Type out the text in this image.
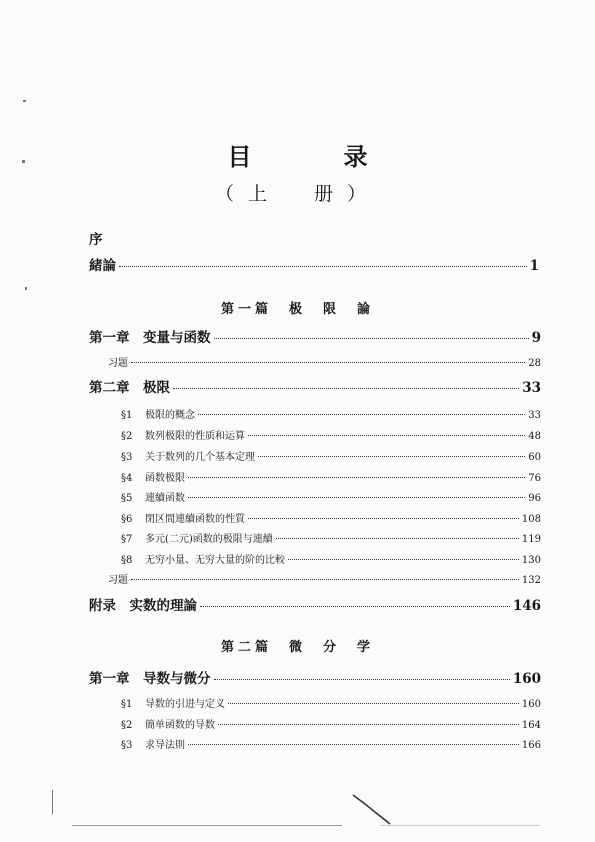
目　录
（上　册）
序
緒論	1
第一篇　极　限　論
第一章　变量与函数	9
习题	28
第二章　极限	33
§1	极限的概念	33
§2	数列极限的性质和运算	48
§3	关于数列的几个基本定理	60
§4	函数极限	76
§5	連續函数	96
§6	閉区間連續函数的性質	108
§7	多元(二元)函数的极限与連續	119
§8	无穷小量、无穷大量的阶的比較	130
习题	132
附录　实数的理論	146
第二篇　微　分　学
第一章　导数与微分	160
§1	导数的引进与定义	160
§2	簡单函数的导数	164
§3	求导法則	166
